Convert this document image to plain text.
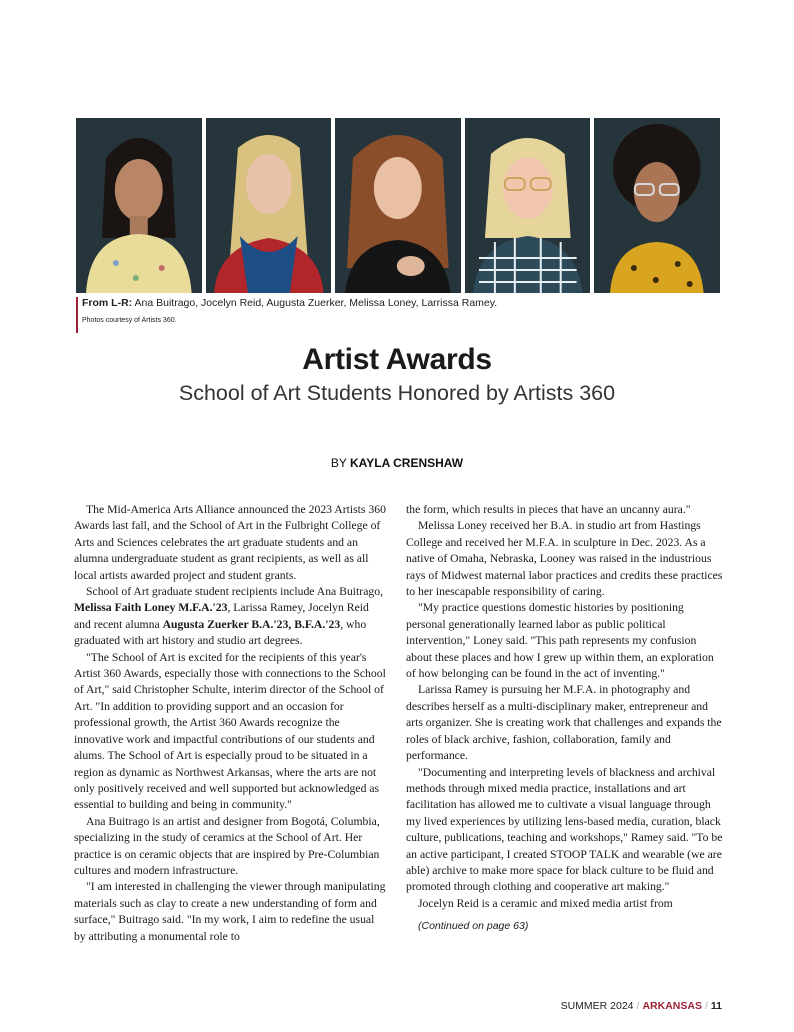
From L-R: Ana Buitrago, Jocelyn Reid, Augusta Zuerker, Melissa Loney, Larrissa Ramey.
Photos courtesy of Artists 360.
Artist Awards
School of Art Students Honored by Artists 360
BY KAYLA CRENSHAW

The Mid-America Arts Alliance announced the 2023 Artists 360 Awards last fall, and the School of Art in the Fulbright College of Arts and Sciences celebrates the art graduate students and an alumna undergraduate student as grant recipients, as well as all local artists awarded project and student grants.

School of Art graduate student recipients include Ana Buitrago, Melissa Faith Loney M.F.A.'23, Larissa Ramey, Jocelyn Reid and recent alumna Augusta Zuerker B.A.'23, B.F.A.'23, who graduated with art history and studio art degrees.

"The School of Art is excited for the recipients of this year's Artist 360 Awards, especially those with connections to the School of Art," said Christopher Schulte, interim director of the School of Art. "In addition to providing support and an occasion for professional growth, the Artist 360 Awards recognize the innovative work and impactful contributions of our students and alums. The School of Art is especially proud to be situated in a region as dynamic as Northwest Arkansas, where the arts are not only positively received and well supported but acknowledged as essential to building and being in community."

Ana Buitrago is an artist and designer from Bogotá, Columbia, specializing in the study of ceramics at the School of Art. Her practice is on ceramic objects that are inspired by Pre-Columbian cultures and modern infrastructure.

"I am interested in challenging the viewer through manipulating materials such as clay to create a new understanding of form and surface," Buitrago said. "In my work, I aim to redefine the usual by attributing a monumental role to

the form, which results in pieces that have an uncanny aura."

Melissa Loney received her B.A. in studio art from Hastings College and received her M.F.A. in sculpture in Dec. 2023. As a native of Omaha, Nebraska, Looney was raised in the industrious rays of Midwest maternal labor practices and credits these practices to her inescapable responsibility of caring.

"My practice questions domestic histories by positioning personal generationally learned labor as public political intervention," Loney said. "This path represents my confusion about these places and how I grew up within them, an exploration of how belonging can be found in the act of inventing."

Larissa Ramey is pursuing her M.F.A. in photography and describes herself as a multi-disciplinary maker, entrepreneur and arts organizer. She is creating work that challenges and expands the roles of black archive, fashion, collaboration, family and performance.

"Documenting and interpreting levels of blackness and archival methods through mixed media practice, installations and art facilitation has allowed me to cultivate a visual language through my lived experiences by utilizing lens-based media, curation, black culture, publications, teaching and workshops," Ramey said. "To be an active participant, I created STOOP TALK and wearable (we are able) archive to make more space for black culture to be fluid and promoted through clothing and cooperative art making."

Jocelyn Reid is a ceramic and mixed media artist from

(Continued on page 63)

SUMMER 2024 / ARKANSAS / 11
